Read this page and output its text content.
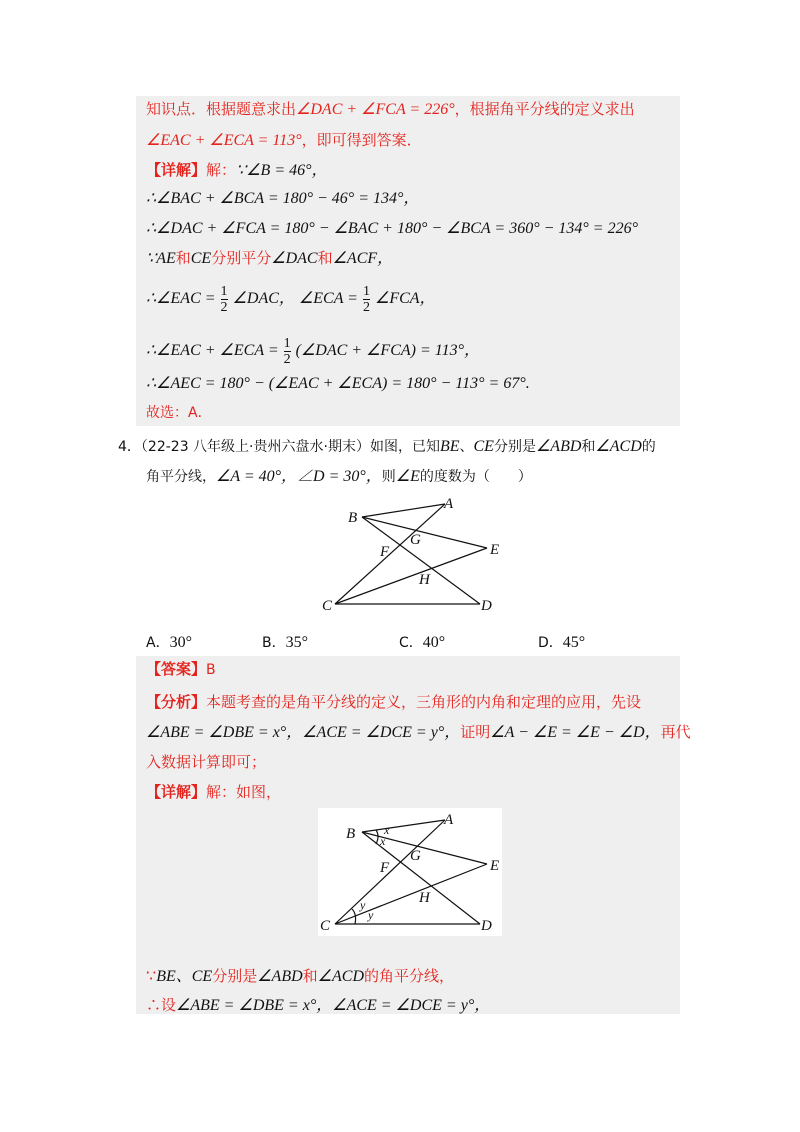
知识点．根据题意求出∠DAC + ∠FCA = 226°，根据角平分线的定义求出
∠EAC + ∠ECA = 113°，即可得到答案．
【详解】解：∵∠B = 46°，
∴∠BAC + ∠BCA = 180° − 46° = 134°，
∴∠DAC + ∠FCA = 180° − ∠BAC + 180° − ∠BCA = 360° − 134° = 226°
∵AE和CE分别平分∠DAC和∠ACF，
∴∠EAC = $\frac{1}{2}$ ∠DAC， ∠ECA = $\frac{1}{2}$ ∠FCA，
∴∠EAC + ∠ECA = $\frac{1}{2}$ (∠DAC + ∠FCA) = 113°，
∴∠AEC = 180° − (∠EAC + ∠ECA) = 180° − 113° = 67°.
故选：A．
4．（22-23 八年级上·贵州六盘水·期末）如图，已知BE、CE分别是∠ABD和∠ACD的
角平分线，∠A = 40°，∠D = 30°，则∠E的度数为（　　）
A
B
C	D
E
F
G
H
A．30°	B．35°	C．40°	D．45°
【答案】B
【分析】本题考查的是角平分线的定义，三角形的内角和定理的应用，先设
∠ABE = ∠DBE = x°，∠ACE = ∠DCE = y°，证明∠A − ∠E = ∠E − ∠D，再代
入数据计算即可；
【详解】解：如图，
A
B
C	D
E
F
G
H
x
x
y
y
∵BE、CE分别是∠ABD和∠ACD的角平分线，
∴设∠ABE = ∠DBE = x°，∠ACE = ∠DCE = y°，
